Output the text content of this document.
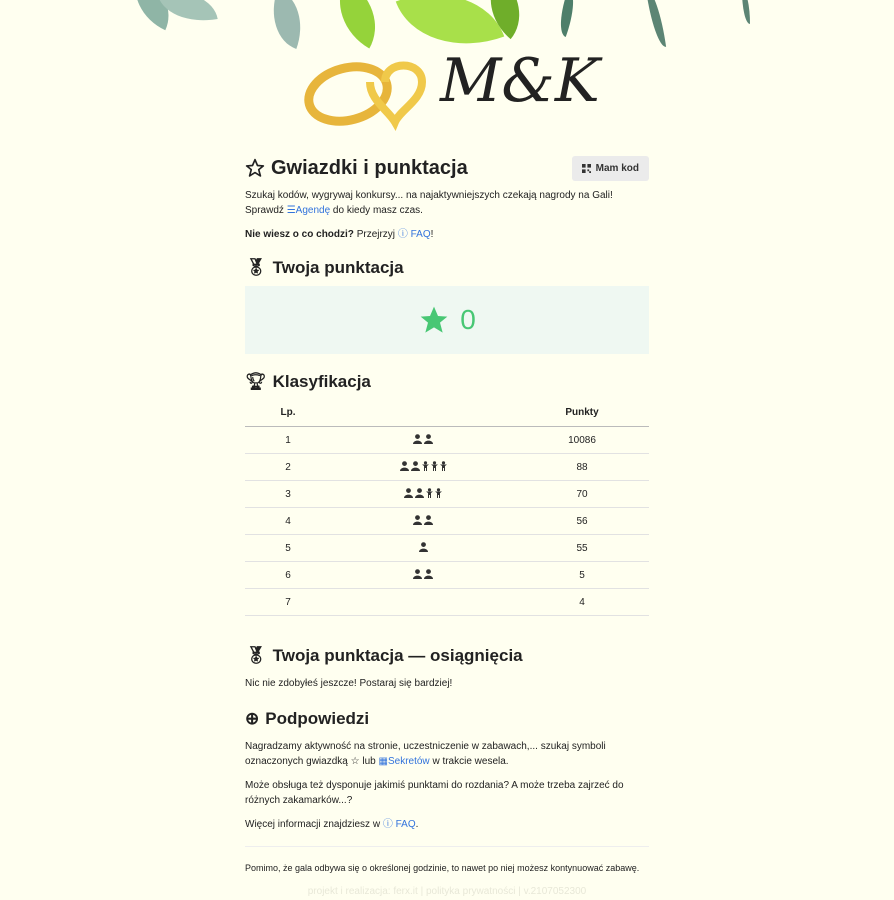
M&K
Gwiazdki i punktacja	Mam kod

Szukaj kodów, wygrywaj konkursy... na najaktywniejszych czekają nagrody na Gali! Sprawdź ☰Agendę do kiedy masz czas.

Nie wiesz o co chodzi? Przejrzyj ⓘ FAQ!

🏅︎ Twoja punktacja
0
🏆︎ Klasyfikacja
Lp.		Punkty
1		10086
2		88
3		70
4		56
5		55
6		5
7		4
🏅︎ Twoja punktacja — osiągnięcia

Nic nie zdobyłeś jeszcze! Postaraj się bardziej!

⊕ Podpowiedzi

Nagradzamy aktywność na stronie, uczestniczenie w zabawach,... szukaj symboli oznaczonych gwiazdką ☆ lub ▦Sekretów w trakcie wesela.

Może obsługa też dysponuje jakimiś punktami do rozdania? A może trzeba zajrzeć do różnych zakamarków...?

Więcej informacji znajdziesz w ⓘ FAQ.

Pomimo, że gala odbywa się o określonej godzinie, to nawet po niej możesz kontynuować zabawę.

projekt i realizacja: ferx.it | polityka prywatności | v.2107052300
